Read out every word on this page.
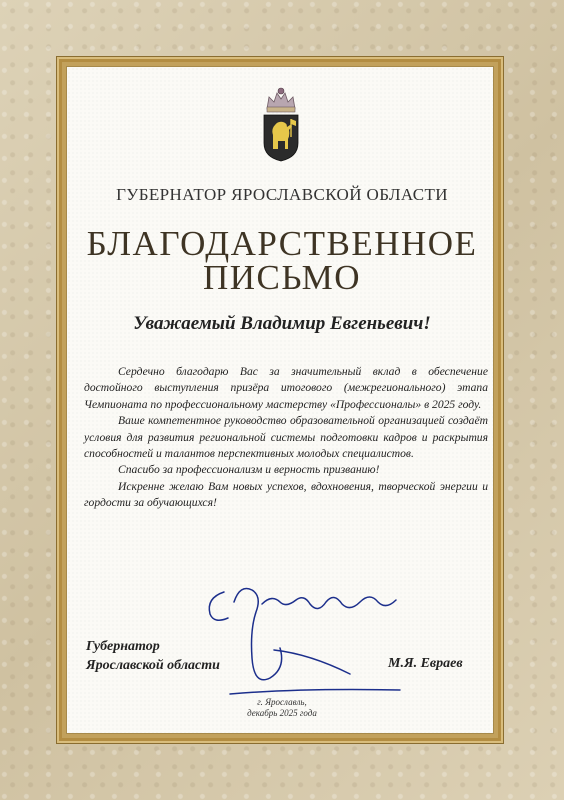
ГУБЕРНАТОР ЯРОСЛАВСКОЙ ОБЛАСТИ
БЛАГОДАРСТВЕННОЕ
ПИСЬМО
Уважаемый Владимир Евгеньевич!

Сердечно благодарю Вас за значительный вклад в обеспечение достойного выступления призёра итогового (межрегионального) этапа Чемпионата по профессиональному мастерству «Профессионалы» в 2025 году.

Ваше компетентное руководство образовательной организацией создаёт условия для развития региональной системы подготовки кадров и раскрытия способностей и талантов перспективных молодых специалистов.

Спасибо за профессионализм и верность призванию!

Искренне желаю Вам новых успехов, вдохновения, творческой энергии и гордости за обучающихся!

Губернатор
Ярославской области	М.Я. Евраев
г. Ярославль,
декабрь 2025 года
